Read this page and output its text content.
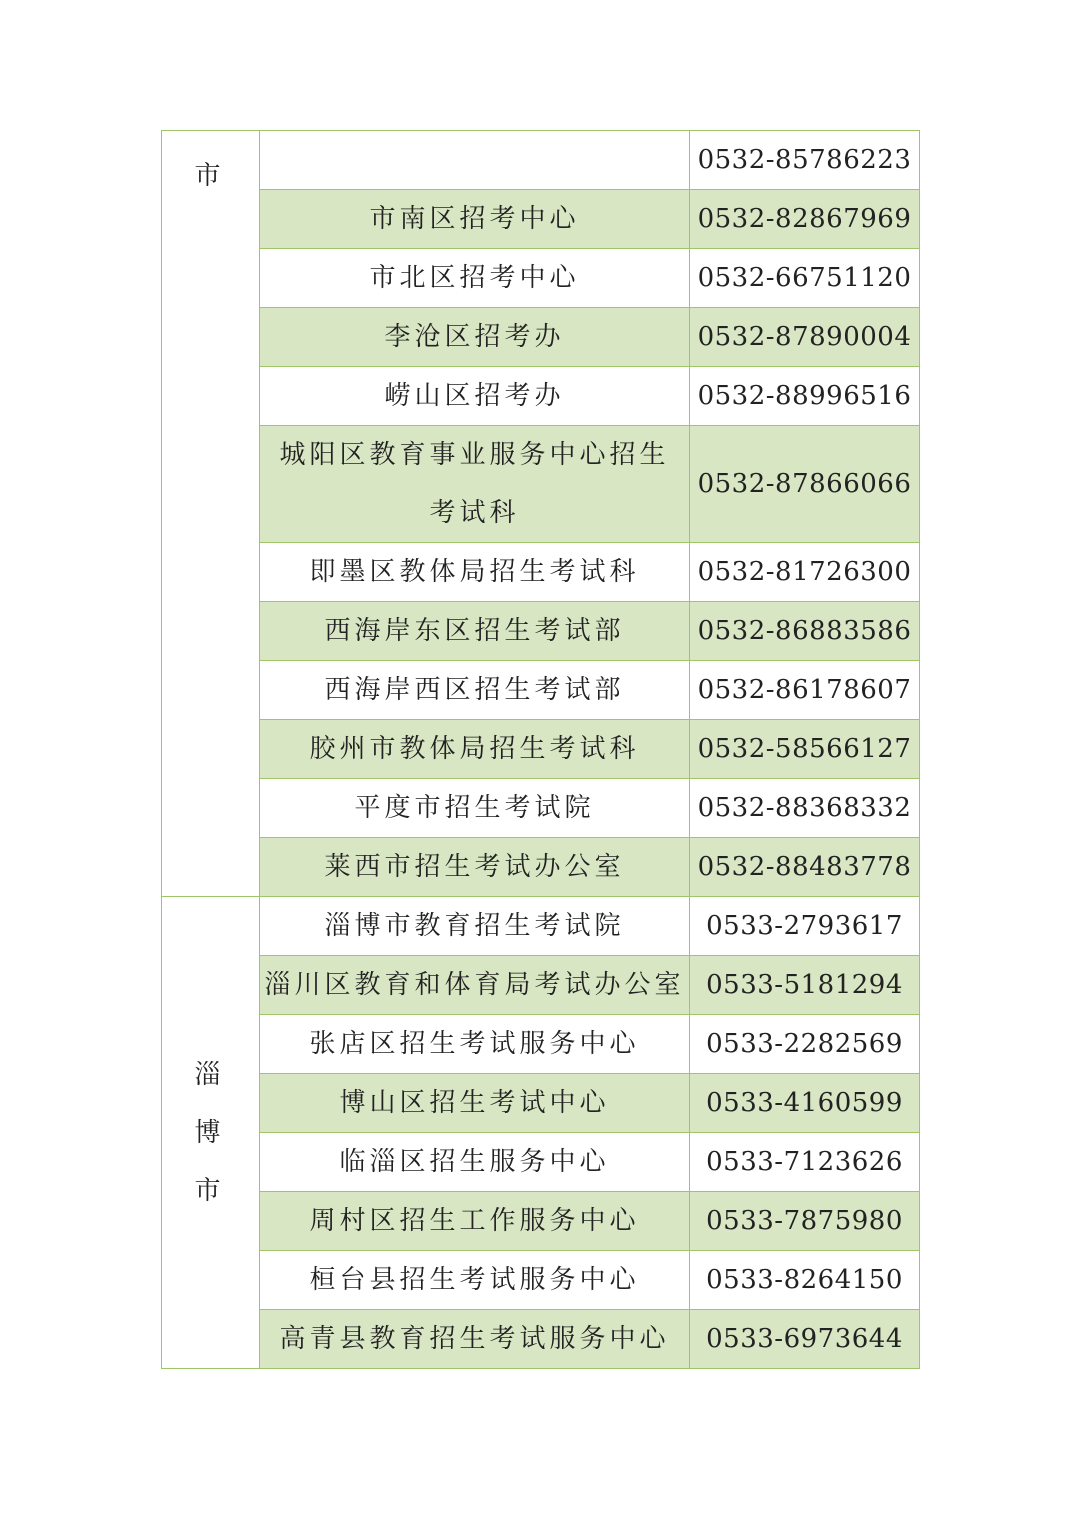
市		0532-85786223
	市南区招考中心	0532-82867969
	市北区招考中心	0532-66751120
	李沧区招考办	0532-87890004
	崂山区招考办	0532-88996516
	城阳区教育事业服务中心招生考试科	0532-87866066
	即墨区教体局招生考试科	0532-81726300
	西海岸东区招生考试部	0532-86883586
	西海岸西区招生考试部	0532-86178607
	胶州市教体局招生考试科	0532-58566127
	平度市招生考试院	0532-88368332
	莱西市招生考试办公室	0532-88483778
淄博市	淄博市教育招生考试院	0533-2793617
	淄川区教育和体育局考试办公室	0533-5181294
	张店区招生考试服务中心	0533-2282569
	博山区招生考试中心	0533-4160599
	临淄区招生服务中心	0533-7123626
	周村区招生工作服务中心	0533-7875980
	桓台县招生考试服务中心	0533-8264150
	高青县教育招生考试服务中心	0533-6973644
